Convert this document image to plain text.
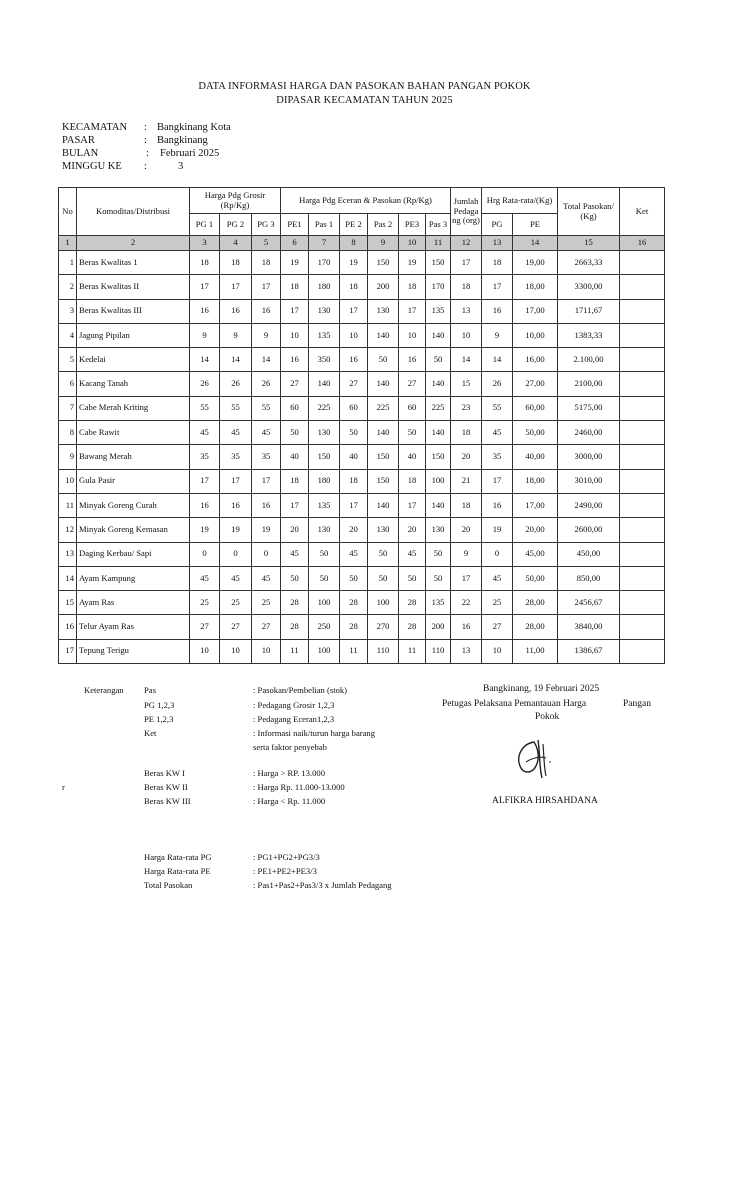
DATA INFORMASI HARGA DAN PASOKAN BAHAN PANGAN POKOK
DIPASAR KECAMATAN TAHUN 2025
KECAMATAN : Bangkinang Kota
PASAR	: Bangkinang
BULAN	: Februari 2025
MINGGU KE :	3
No	Komoditas/Distribusi	Harga Pdg Grosir (Rp/Kg)			Harga Pdg Eceran & Pasokan (Rp/Kg)						Jumlah Pedaga ng (org)	Hrg Rata-rata/(Kg)		Total Pasokan/ (Kg)	Ket
		PG 1	PG 2	PG 3	PE1	Pas 1	PE 2	Pas 2	PE3	Pas 3		PG	PE		
1	2	3	4	5	6	7	8	9	10	11	12	13	14	15	16
1	Beras Kwalitas 1	18	18	18	19	170	19	150	19	150	17	18	19,00	2663,33	
2	Beras Kwalitas II	17	17	17	18	180	18	200	18	170	18	17	18,00	3300,00	
3	Beras Kwalitas III	16	16	16	17	130	17	130	17	135	13	16	17,00	1711,67	
4	Jagung Pipilan	9	9	9	10	135	10	140	10	140	10	9	10,00	1383,33	
5	Kedelai	14	14	14	16	350	16	50	16	50	14	14	16,00	2.100,00	
6	Kacang Tanah	26	26	26	27	140	27	140	27	140	15	26	27,00	2100,00	
7	Cabe Merah Kriting	55	55	55	60	225	60	225	60	225	23	55	60,00	5175,00	
8	Cabe Rawit	45	45	45	50	130	50	140	50	140	18	45	50,00	2460,00	
9	Bawang Merah	35	35	35	40	150	40	150	40	150	20	35	40,00	3000,00	
10	Gula Pasir	17	17	17	18	180	18	150	18	100	21	17	18,00	3010,00	
11	Minyak Goreng Curah	16	16	16	17	135	17	140	17	140	18	16	17,00	2490,00	
12	Minyak Goreng Kemasan	19	19	19	20	130	20	130	20	130	20	19	20,00	2600,00	
13	Daging Kerbau/ Sapi	0	0	0	45	50	45	50	45	50	9	0	45,00	450,00	
14	Ayam Kampung	45	45	45	50	50	50	50	50	50	17	45	50,00	850,00	
15	Ayam Ras	25	25	25	28	100	28	100	28	135	22	25	28,00	2456,67	
16	Telur Ayam Ras	27	27	27	28	250	28	270	28	200	16	27	28,00	3840,00	
17	Tepung Terigu	10	10	10	11	100	11	110	11	110	13	10	11,00	1386,67	
Keterangan
r
Pas	: Pasokan/Pembelian (stok)
PG 1,2,3	: Pedagang Grosir 1,2,3
PE 1,2,3	: Pedagang Eceran1,2,3
Ket	: Informasi naik/turun harga barang
serta faktor penyebab
Beras KW I	: Harga > RP. 13.000
Beras KW II	: Harga Rp. 11.000-13.000
Beras KW III	: Harga < Rp. 11.000
Harga Rata-rata PG	: PG1+PG2+PG3/3
Harga Rata-rata PE	: PE1+PE2+PE3/3
Total Pasokan	: Pas1+Pas2+Pas3/3 x Jumlah Pedagang
Bangkinang, 19 Februari 2025
Petugas Pelaksana Pemantauan Harga	Pangan
Pokok
ALFIKRA HIRSAHDANA
